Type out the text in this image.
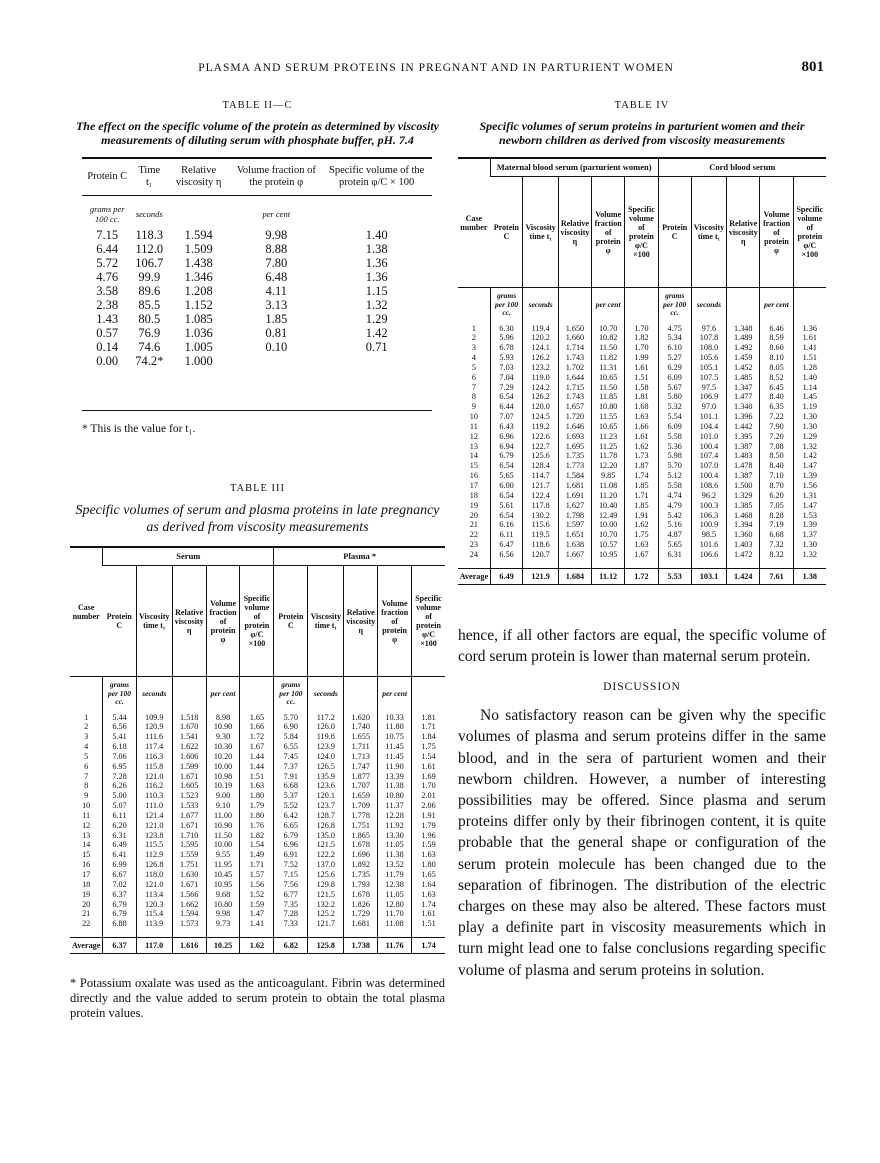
PLASMA AND SERUM PROTEINS IN PREGNANT AND IN PARTURIENT WOMEN	801
TABLE II—C
The effect on the specific volume of the protein as determined by viscosity measurements of diluting serum with phosphate buffer, pH. 7.4
Protein C	Time t₁	Relative viscosity η	Volume fraction of the protein φ	Specific volume of the protein φ/C × 100
grams per 100 cc.	seconds		per cent	
7.15	118.3	1.594	9.98	1.40
6.44	112.0	1.509	8.88	1.38
5.72	106.7	1.438	7.80	1.36
4.76	99.9	1.346	6.48	1.36
3.58	89.6	1.208	4.11	1.15
2.38	85.5	1.152	3.13	1.32
1.43	80.5	1.085	1.85	1.29
0.57	76.9	1.036	0.81	1.42
0.14	74.6	1.005	0.10	0.71
0.00	74.2*	1.000		

* This is the value for t₁.
TABLE III
Specific volumes of serum and plasma proteins in late pregnancy as derived from viscosity measurements
Case number	Serum					Plasma *				
	Protein C	Viscosity time t₁	Relative viscosity η	Volume fraction of protein φ	Specific volume of protein φ/C ×100	Protein C	Viscosity time t₁	Relative viscosity η	Volume fraction of protein φ	Specific volume of protein φ/C ×100
	grams per 100 cc.	seconds		per cent		grams per 100 cc.	seconds		per cent	
1	5.44	109.9	1.518	8.98	1.65	5.70	117.2	1.620	10.33	1.81
2	6.56	120.9	1.670	10.90	1.66	6.90	126.0	1.740	11.80	1.71
3	5.41	111.6	1.541	9.30	1.72	5.84	119.8	1.655	10.75	1.84
4	6.18	117.4	1.622	10.30	1.67	6.55	123.9	1.711	11.45	1.75
5	7.06	116.3	1.606	10.20	1.44	7.45	124.0	1.713	11.45	1.54
6	6.95	115.8	1.599	10.00	1.44	7.37	126.5	1.747	11.90	1.61
7	7.28	121.0	1.671	10.98	1.51	7.91	135.9	1.877	13.39	1.69
8	6.26	116.2	1.605	10.19	1.63	6.68	123.6	1.707	11.38	1.70
9	5.00	110.3	1.523	9.00	1.80	5.37	120.1	1.659	10.80	2.01
10	5.07	111.0	1.533	9.10	1.79	5.52	123.7	1.709	11.37	2.06
11	6.11	121.4	1.677	11.00	1.80	6.42	128.7	1.778	12.28	1.91
12	6.20	121.0	1.671	10.90	1.76	6.65	126.8	1.751	11.92	1.79
13	6.31	123.8	1.710	11.50	1.82	6.79	135.0	1.865	13.30	1.96
14	6.49	115.5	1.595	10.00	1.54	6.96	121.5	1.678	11.05	1.59
15	6.41	112.9	1.559	9.55	1.49	6.91	122.2	1.696	11.38	1.63
16	6.99	126.8	1.751	11.95	1.71	7.52	137.0	1.892	13.52	1.80
17	6.67	118.0	1.630	10.45	1.57	7.15	125.6	1.735	11.79	1.65
18	7.02	121.0	1.671	10.95	1.56	7.56	129.8	1.793	12.38	1.64
19	6.37	113.4	1.566	9.68	1.52	6.77	121.5	1.678	11.05	1.63
20	6.79	120.3	1.662	10.80	1.59	7.35	132.2	1.826	12.80	1.74
21	6.79	115.4	1.594	9.98	1.47	7.28	125.2	1.729	11.70	1.61
22	6.88	113.9	1.573	9.73	1.41	7.33	121.7	1.681	11.08	1.51

Average	6.37	117.0	1.616	10.25	1.62	6.82	125.8	1.738	11.76	1.74
* Potassium oxalate was used as the anticoagulant. Fibrin was determined directly and the value added to serum protein to obtain the total plasma protein values.
TABLE IV
Specific volumes of serum proteins in parturient women and their newborn children as derived from viscosity measurements
Case number	Maternal blood serum (parturient women)					Cord blood serum				
	Protein C	Viscosity time t₁	Relative viscosity η	Volume fraction of protein φ	Specific volume of protein φ/C ×100	Protein C	Viscosity time t₁	Relative viscosity η	Volume fraction of protein φ	Specific volume of protein φ/C ×100
	grams per 100 cc.	seconds		per cent		grams per 100 cc.	seconds		per cent	
1	6.30	119.4	1.650	10.70	1.70	4.75	97.6	1.348	6.46	1.36
2	5.96	120.2	1.660	10.82	1.82	5.34	107.8	1.489	8.59	1.61
3	6.78	124.1	1.714	11.50	1.70	6.10	108.0	1.492	8.60	1.41
4	5.93	126.2	1.743	11.82	1.99	5.27	105.6	1.459	8.10	1.51
5	7.03	123.2	1.702	11.31	1.61	6.29	105.1	1.452	8.05	1.28
6	7.04	119.0	1.644	10.65	1.51	6.09	107.5	1.485	8.52	1.40
7	7.29	124.2	1.715	11.50	1.58	5.67	97.5	1.347	6.45	1.14
8	6.54	126.2	1.743	11.85	1.81	5.80	106.9	1.477	8.40	1.45
9	6.44	120.0	1.657	10.80	1.68	5.32	97.0	1.340	6.35	1.19
10	7.07	124.5	1.720	11.55	1.63	5.54	101.1	1.396	7.22	1.30
11	6.43	119.2	1.646	10.65	1.66	6.09	104.4	1.442	7.90	1.30
12	6.96	122.6	1.693	11.23	1.61	5.58	101.0	1.395	7.20	1.29
13	6.94	122.7	1.695	11.25	1.62	5.36	100.4	1.387	7.08	1.32
14	6.79	125.6	1.735	11.78	1.73	5.98	107.4	1.483	8.50	1.42
15	6.54	128.4	1.773	12.20	1.87	5.70	107.0	1.478	8.40	1.47
16	5.65	114.7	1.584	9.85	1.74	5.12	100.4	1.387	7.10	1.39
17	6.00	121.7	1.681	11.08	1.85	5.58	108.6	1.500	8.70	1.56
18	6.54	122.4	1.691	11.20	1.71	4.74	96.2	1.329	6.20	1.31
19	5.61	117.8	1.627	10.40	1.85	4.79	100.3	1.385	7.05	1.47
20	6.54	130.2	1.798	12.49	1.91	5.42	106.3	1.468	8.28	1.53
21	6.16	115.6	1.597	10.00	1.62	5.16	100.9	1.394	7.19	1.39
22	6.11	119.5	1.651	10.70	1.75	4.87	98.5	1.360	6.68	1.37
23	6.47	118.6	1.638	10.57	1.63	5.65	101.6	1.403	7.32	1.30
24	6.56	120.7	1.667	10.95	1.67	6.31	106.6	1.472	8.32	1.32

Average	6.49	121.9	1.684	11.12	1.72	5.53	103.1	1.424	7.61	1.38

hence, if all other factors are equal, the specific volume of cord serum protein is lower than maternal serum protein.

DISCUSSION

No satisfactory reason can be given why the specific volumes of plasma and serum proteins differ in the same blood, and in the sera of parturient women and their newborn children. However, a number of interesting possibilities may be offered. Since plasma and serum proteins differ only by their fibrinogen content, it is quite probable that the general shape or configuration of the serum protein molecule has been changed due to the separation of fibrinogen. The distribution of the electric charges on these may also be altered. These factors must play a definite part in viscosity measurements which in turn might lead one to false conclusions regarding specific volume of plasma and serum proteins in solution.
